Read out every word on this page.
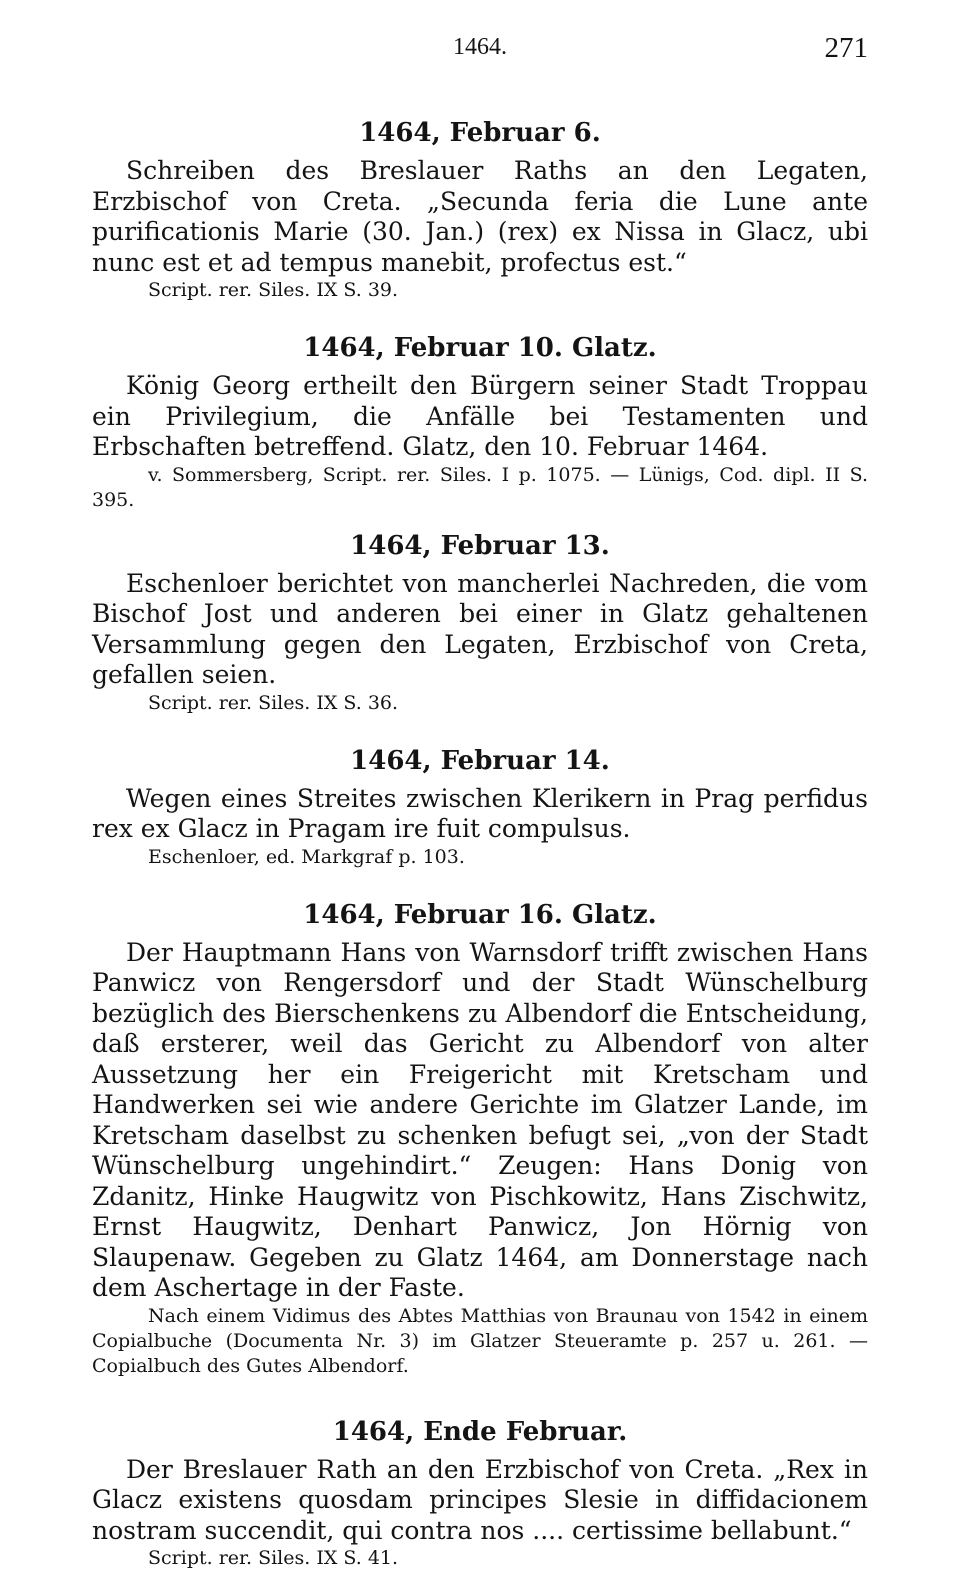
1464.	271
1464, Februar 6.

Schreiben des Breslauer Raths an den Legaten, Erzbischof von Creta. „Secunda feria die Lune ante purificationis Marie (30. Jan.) (rex) ex Nissa in Glacz, ubi nunc est et ad tempus manebit, profectus est.“

Script. rer. Siles. IX S. 39.

1464, Februar 10. Glatz.

König Georg ertheilt den Bürgern seiner Stadt Troppau ein Privilegium, die Anfälle bei Testamenten und Erbschaften betreffend. Glatz, den 10. Februar 1464.

v. Sommersberg, Script. rer. Siles. I p. 1075. — Lünigs, Cod. dipl. II S. 395.

1464, Februar 13.

Eschenloer berichtet von mancherlei Nachreden, die vom Bischof Jost und anderen bei einer in Glatz gehaltenen Versammlung gegen den Legaten, Erzbischof von Creta, gefallen seien.

Script. rer. Siles. IX S. 36.

1464, Februar 14.

Wegen eines Streites zwischen Klerikern in Prag perfidus rex ex Glacz in Pragam ire fuit compulsus.

Eschenloer, ed. Markgraf p. 103.

1464, Februar 16. Glatz.

Der Hauptmann Hans von Warnsdorf trifft zwischen Hans Panwicz von Rengersdorf und der Stadt Wünschelburg bezüglich des Bierschenkens zu Albendorf die Entscheidung, daß ersterer, weil das Gericht zu Albendorf von alter Aussetzung her ein Freigericht mit Kretscham und Handwerken sei wie andere Gerichte im Glatzer Lande, im Kretscham daselbst zu schenken befugt sei, „von der Stadt Wünschelburg ungehindirt.“ Zeugen: Hans Donig von Zdanitz, Hinke Haugwitz von Pischkowitz, Hans Zischwitz, Ernst Haugwitz, Denhart Panwicz, Jon Hörnig von Slaupenaw. Gegeben zu Glatz 1464, am Donnerstage nach dem Aschertage in der Faste.

Nach einem Vidimus des Abtes Matthias von Braunau von 1542 in einem Copialbuche (Documenta Nr. 3) im Glatzer Steueramte p. 257 u. 261. — Copialbuch des Gutes Albendorf.

1464, Ende Februar.

Der Breslauer Rath an den Erzbischof von Creta. „Rex in Glacz existens quosdam principes Slesie in diffidacionem nostram succendit, qui contra nos .... certissime bellabunt.“

Script. rer. Siles. IX S. 41.
